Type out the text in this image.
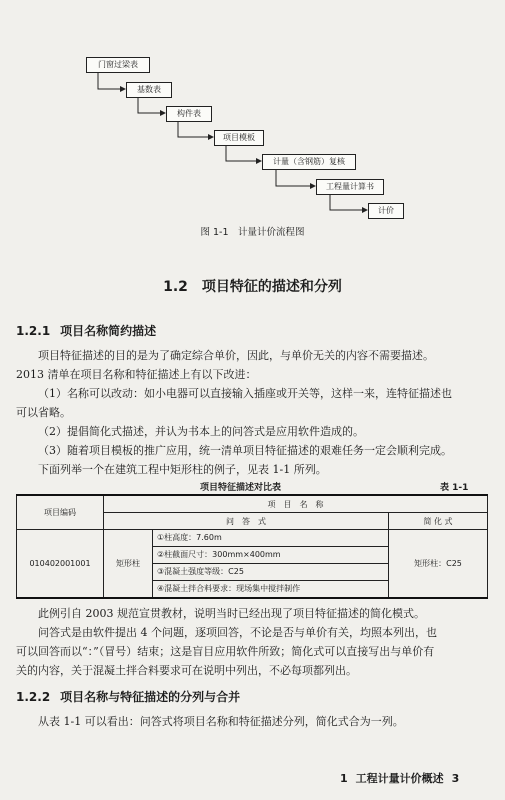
门窗过梁表
基数表
构件表
项目模板
计量（含钢筋）复核
工程量计算书
计价
图 1-1　计量计价流程图
1.2　项目特征的描述和分列
1.2.1 项目名称简约描述
项目特征描述的目的是为了确定综合单价，因此，与单价无关的内容不需要描述。
2013 清单在项目名称和特征描述上有以下改进：
（1）名称可以改动：如小电器可以直接输入插座或开关等，这样一来，连特征描述也
可以省略。
（2）提倡简化式描述，并认为书本上的问答式是应用软件造成的。
（3）随着项目模板的推广应用，统一清单项目特征描述的艰难任务一定会顺利完成。
下面列举一个在建筑工程中矩形柱的例子，见表 1-1 所列。
项目特征描述对比表	表 1-1
项目编码	项　目　名　称		
	问　答　式		简 化 式
010402001001	矩形柱	①柱高度：7.60m
②柱截面尺寸：300mm×400mm
③混凝土强度等级：C25
④混凝土拌合料要求：现场集中搅拌制作	矩形柱：C25
此例引自 2003 规范宣贯教材，说明当时已经出现了项目特征描述的简化模式。
问答式是由软件提出 4 个问题，逐项回答，不论是否与单价有关，均照本列出，也
可以回答而以“：”（冒号）结束；这是盲目应用软件所致；简化式可以直接写出与单价有
关的内容，关于混凝土拌合料要求可在说明中列出，不必每项都列出。
1.2.2 项目名称与特征描述的分列与合并
从表 1-1 可以看出：问答式将项目名称和特征描述分列，简化式合为一列。
1 工程计量计价概述 3
